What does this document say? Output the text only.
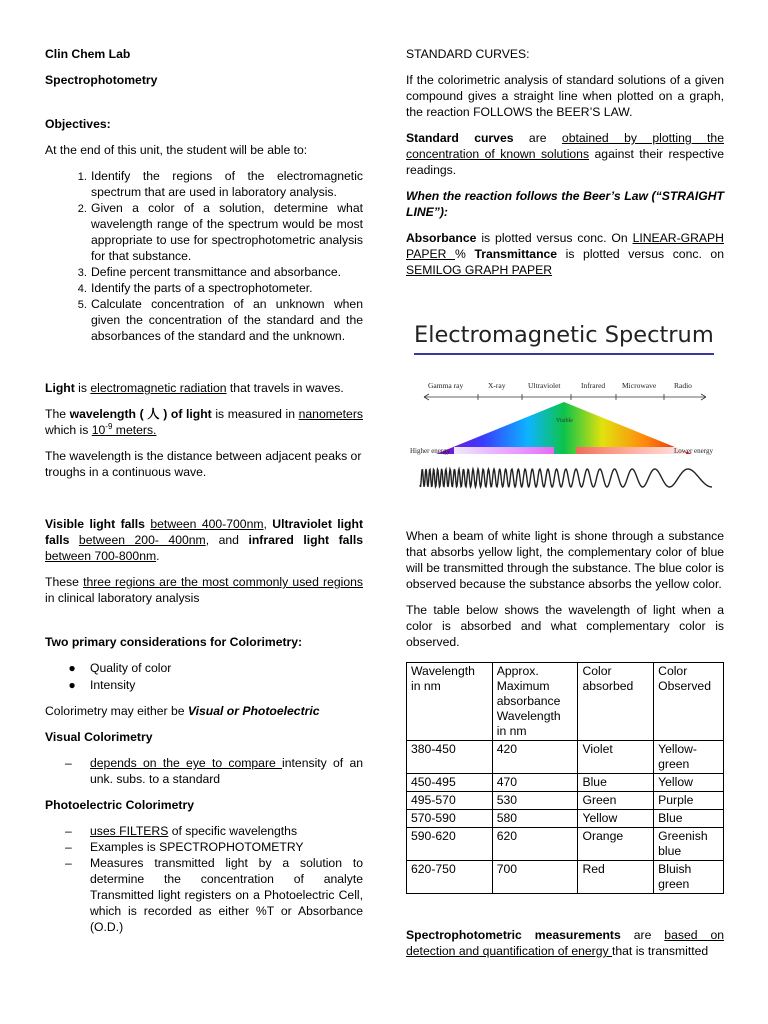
Clin Chem Lab

Spectrophotometry

Objectives:

At the end of this unit, the student will be able to:

1. Identify the regions of the electromagnetic spectrum that are used in laboratory analysis.
2. Given a color of a solution, determine what wavelength range of the spectrum would be most appropriate to use for spectrophotometric analysis for that substance.
3. Define percent transmittance and absorbance.
4. Identify the parts of a spectrophotometer.
5. Calculate concentration of an unknown when given the concentration of the standard and the absorbances of the standard and the unknown.

Light is electromagnetic radiation that travels in waves.

The wavelength ( 人 ) of light is measured in nanometers which is $10^{-9}$ meters.

The wavelength is the distance between adjacent peaks or troughs in a continuous wave.

Visible light falls between 400-700nm, Ultraviolet light falls between 200- 400nm, and infrared light falls between 700-800nm.

These three regions are the most commonly used regions in clinical laboratory analysis

Two primary considerations for Colorimetry:

● Quality of color
● Intensity

Colorimetry may either be Visual or Photoelectric

Visual Colorimetry

– depends on the eye to compare intensity of an unk. subs. to a standard

Photoelectric Colorimetry

– uses FILTERS of specific wavelengths
– Examples is SPECTROPHOTOMETRY
– Measures transmitted light by a solution to determine the concentration of analyte Transmitted light registers on a Photoelectric Cell, which is recorded as either %T or Absorbance (O.D.)

STANDARD CURVES:

If the colorimetric analysis of standard solutions of a given compound gives a straight line when plotted on a graph, the reaction FOLLOWS the BEER’S LAW.

Standard curves are obtained by plotting the concentration of known solutions against their respective readings.

When the reaction follows the Beer’s Law (“STRAIGHT LINE”):

Absorbance is plotted versus conc. On LINEAR-GRAPH PAPER % Transmittance is plotted versus conc. on SEMILOG GRAPH PAPER

Electromagnetic Spectrum
Gamma ray	X-ray	Ultraviolet	Infrared Microwave Radio
Visible
Higher energy	Lower energy

When a beam of white light is shone through a substance that absorbs yellow light, the complementary color of blue will be transmitted through the substance. The blue color is observed because the substance absorbs the yellow color.

The table below shows the wavelength of light when a color is absorbed and what complementary color is observed.

Wavelength in nm	Approx. Maximum absorbance Wavelength in nm	Color absorbed	Color Observed
380-450	420	Violet	Yellow-green
450-495	470	Blue	Yellow
495-570	530	Green	Purple
570-590	580	Yellow	Blue
590-620	620	Orange	Greenish blue
620-750	700	Red	Bluish green

Spectrophotometric measurements are based on detection and quantification of energy that is transmitted
